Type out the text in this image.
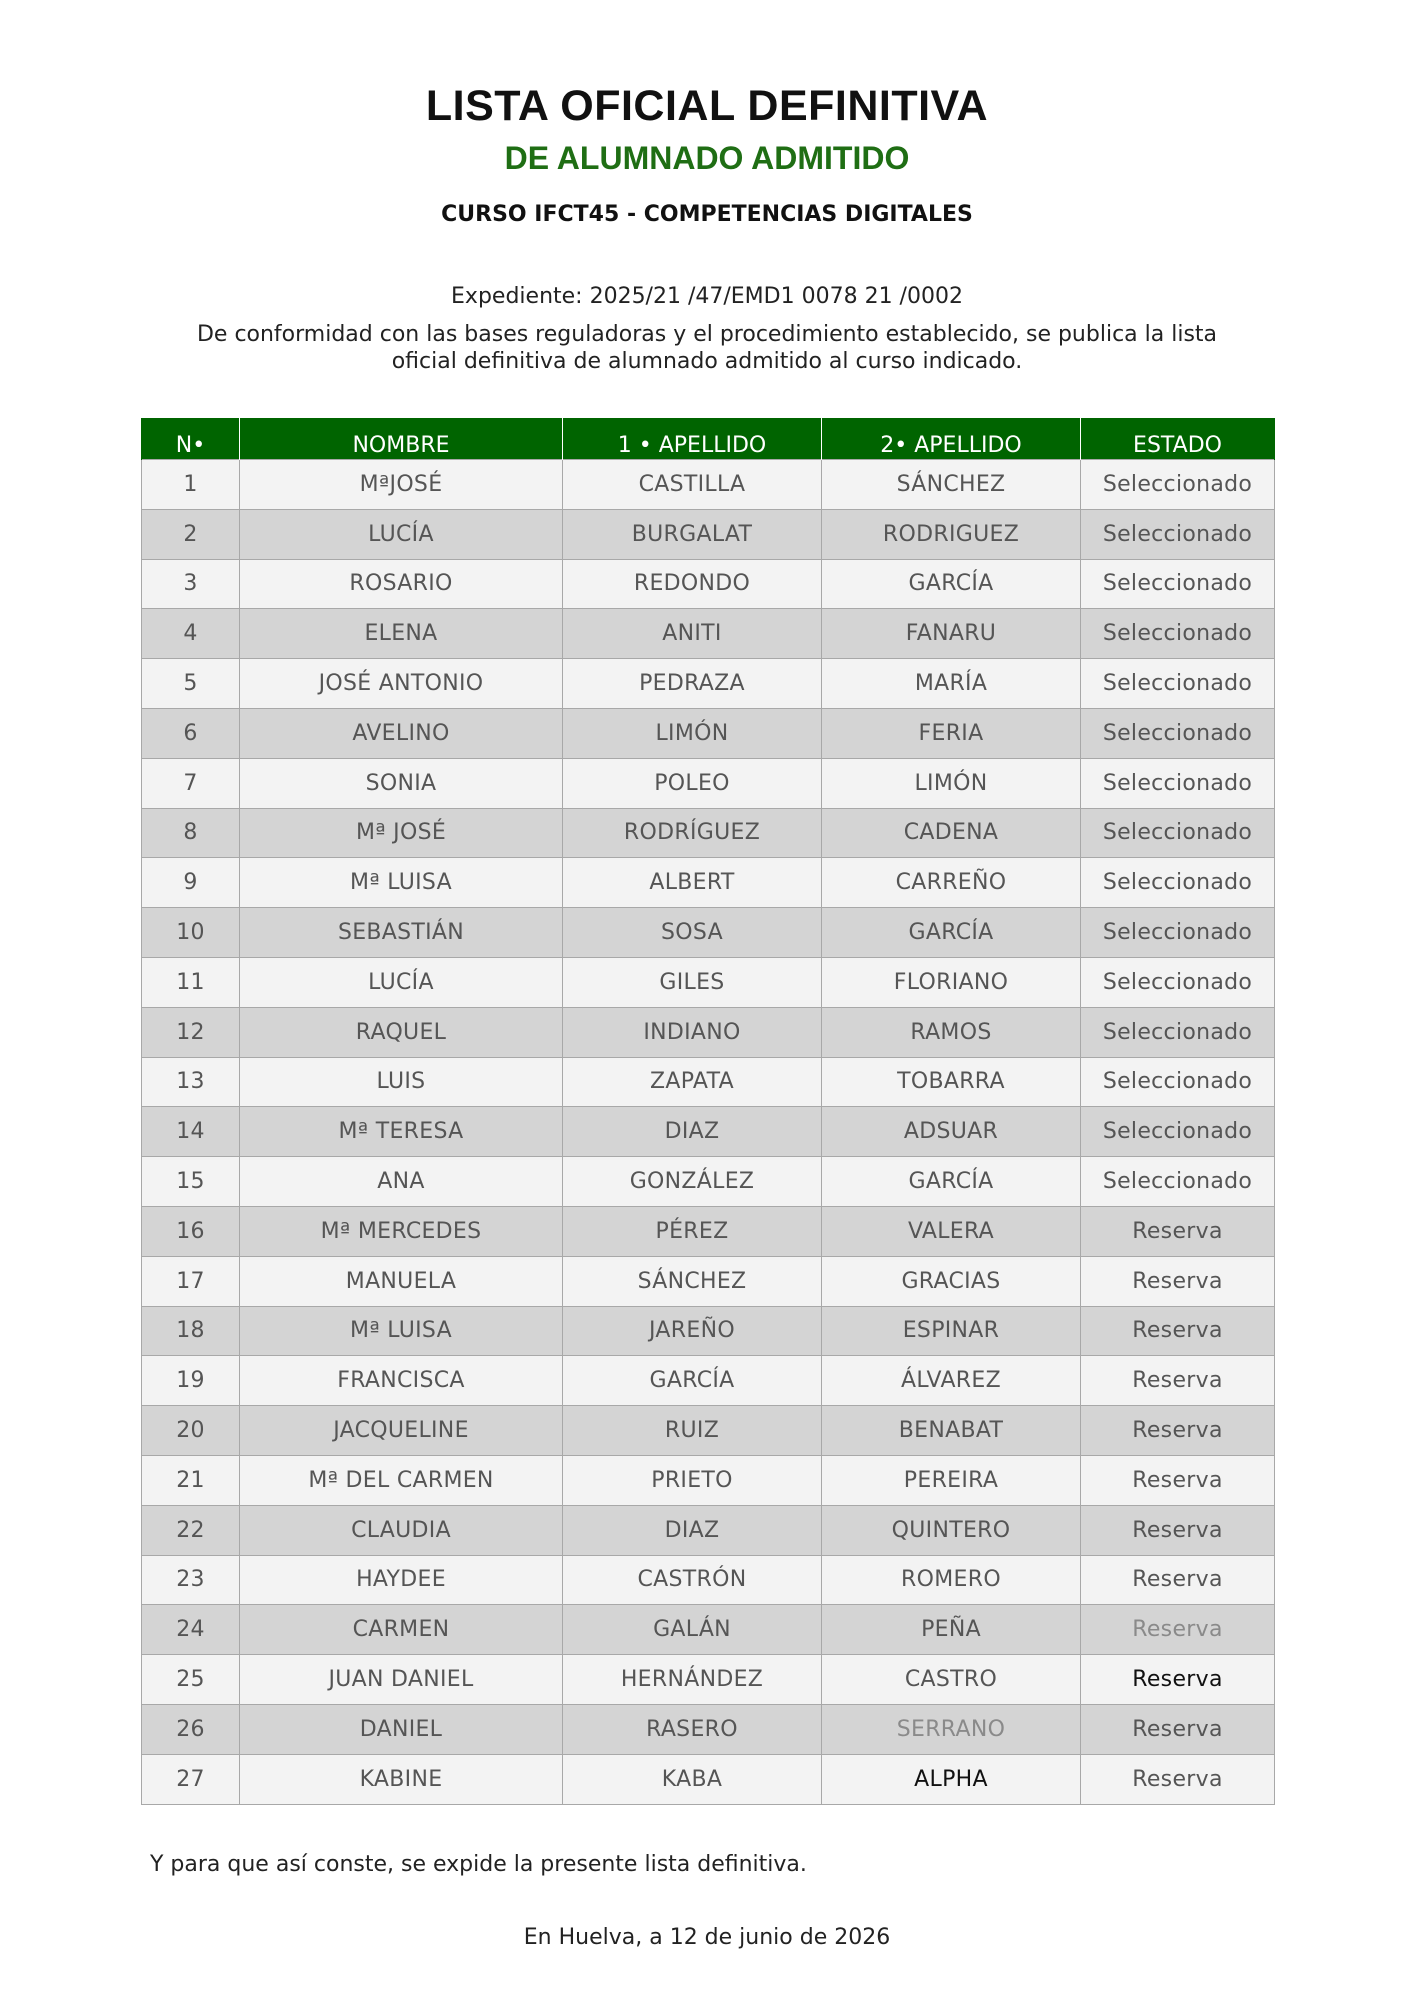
LISTA OFICIAL DEFINITIVA
DE ALUMNADO ADMITIDO
CURSO IFCT45 - COMPETENCIAS DIGITALES
Expediente: 2025/21 /47/EMD1 0078 21 /0002
De conformidad con las bases reguladoras y el procedimiento establecido, se publica la lista oficial definitiva de alumnado admitido al curso indicado.
N•	NOMBRE	1 • APELLIDO	2• APELLIDO	ESTADO
1	MªJOSÉ	CASTILLA	SÁNCHEZ	Seleccionado
2	LUCÍA	BURGALAT	RODRIGUEZ	Seleccionado
3	ROSARIO	REDONDO	GARCÍA	Seleccionado
4	ELENA	ANITI	FANARU	Seleccionado
5	JOSÉ ANTONIO	PEDRAZA	MARÍA	Seleccionado
6	AVELINO	LIMÓN	FERIA	Seleccionado
7	SONIA	POLEO	LIMÓN	Seleccionado
8	Mª JOSÉ	RODRÍGUEZ	CADENA	Seleccionado
9	Mª LUISA	ALBERT	CARREÑO	Seleccionado
10	SEBASTIÁN	SOSA	GARCÍA	Seleccionado
11	LUCÍA	GILES	FLORIANO	Seleccionado
12	RAQUEL	INDIANO	RAMOS	Seleccionado
13	LUIS	ZAPATA	TOBARRA	Seleccionado
14	Mª TERESA	DIAZ	ADSUAR	Seleccionado
15	ANA	GONZÁLEZ	GARCÍA	Seleccionado
16	Mª MERCEDES	PÉREZ	VALERA	Reserva
17	MANUELA	SÁNCHEZ	GRACIAS	Reserva
18	Mª LUISA	JAREÑO	ESPINAR	Reserva
19	FRANCISCA	GARCÍA	ÁLVAREZ	Reserva
20	JACQUELINE	RUIZ	BENABAT	Reserva
21	Mª DEL CARMEN	PRIETO	PEREIRA	Reserva
22	CLAUDIA	DIAZ	QUINTERO	Reserva
23	HAYDEE	CASTRÓN	ROMERO	Reserva
24	CARMEN	GALÁN	PEÑA	Reserva
25	JUAN DANIEL	HERNÁNDEZ	CASTRO	Reserva
26	DANIEL	RASERO	SERRANO	Reserva
27	KABINE	KABA	ALPHA	Reserva
Y para que así conste, se expide la presente lista definitiva.
En Huelva, a 12 de junio de 2026
